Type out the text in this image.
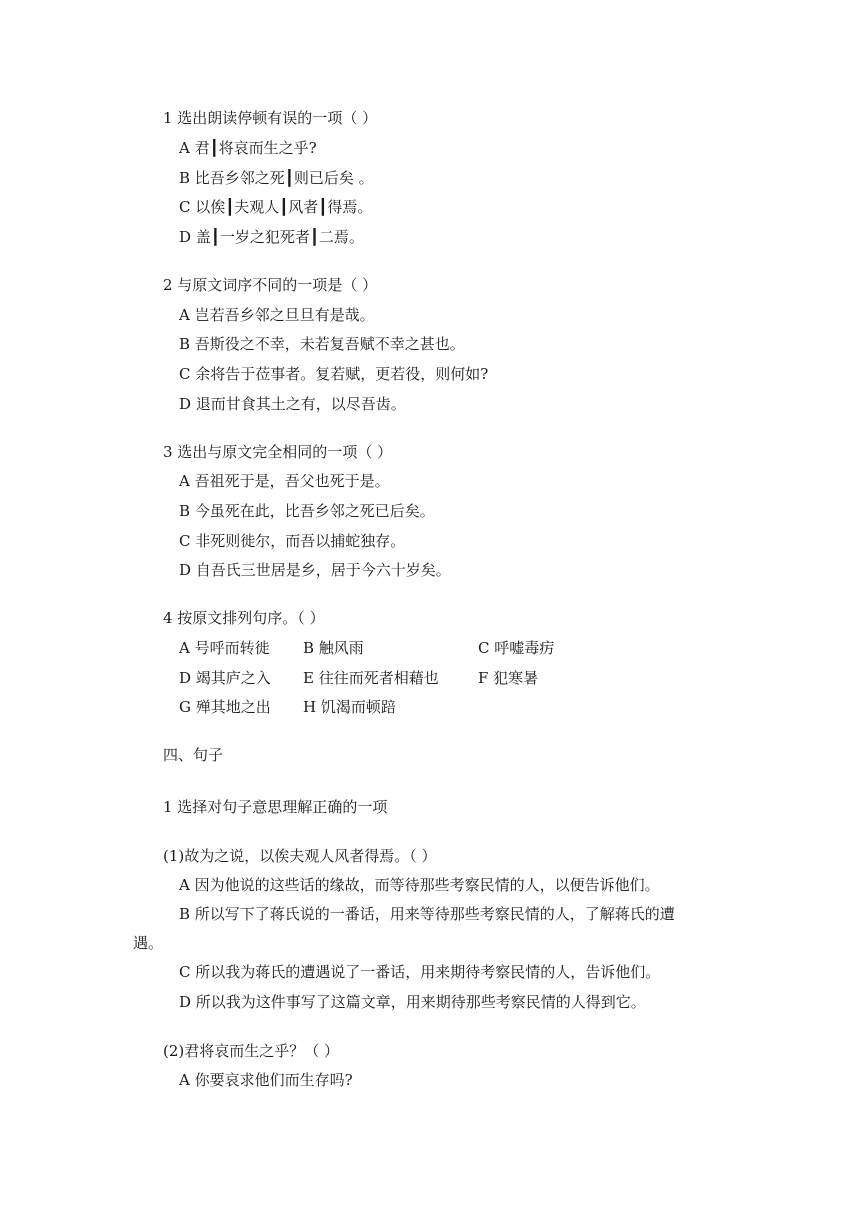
1 选出朗读停顿有误的一项（ ）
A 君┃将哀而生之乎?
B 比吾乡邻之死┃则已后矣 。
C 以俟┃夫观人┃风者┃得焉。
D 盖┃一岁之犯死者┃二焉。
2 与原文词序不同的一项是（ ）
A 岂若吾乡邻之旦旦有是哉。
B 吾斯役之不幸，未若复吾赋不幸之甚也。
C 余将告于莅事者。复若赋，更若役，则何如?
D 退而甘食其土之有，以尽吾齿。
3 选出与原文完全相同的一项（ ）
A 吾祖死于是，吾父也死于是。
B 今虽死在此，比吾乡邻之死已后矣。
C 非死则徙尔，而吾以捕蛇独存。
D 自吾氏三世居是乡，居于今六十岁矣。
4 按原文排列句序。（ ）
A 号呼而转徙 B 触风雨	C 呼嘘毒疠
D 竭其庐之入 E 往往而死者相藉也	F 犯寒暑
G 殚其地之出 H 饥渴而顿踣
四、句子
1 选择对句子意思理解正确的一项
(1)故为之说，以俟夫观人风者得焉。（ ）
A 因为他说的这些话的缘故，而等待那些考察民情的人，以便告诉他们。
B 所以写下了蒋氏说的一番话，用来等待那些考察民情的人，了解蒋氏的遭
遇。
C 所以我为蒋氏的遭遇说了一番话，用来期待考察民情的人，告诉他们。
D 所以我为这件事写了这篇文章，用来期待那些考察民情的人得到它。
(2)君将哀而生之乎？（ ）
A 你要哀求他们而生存吗?
